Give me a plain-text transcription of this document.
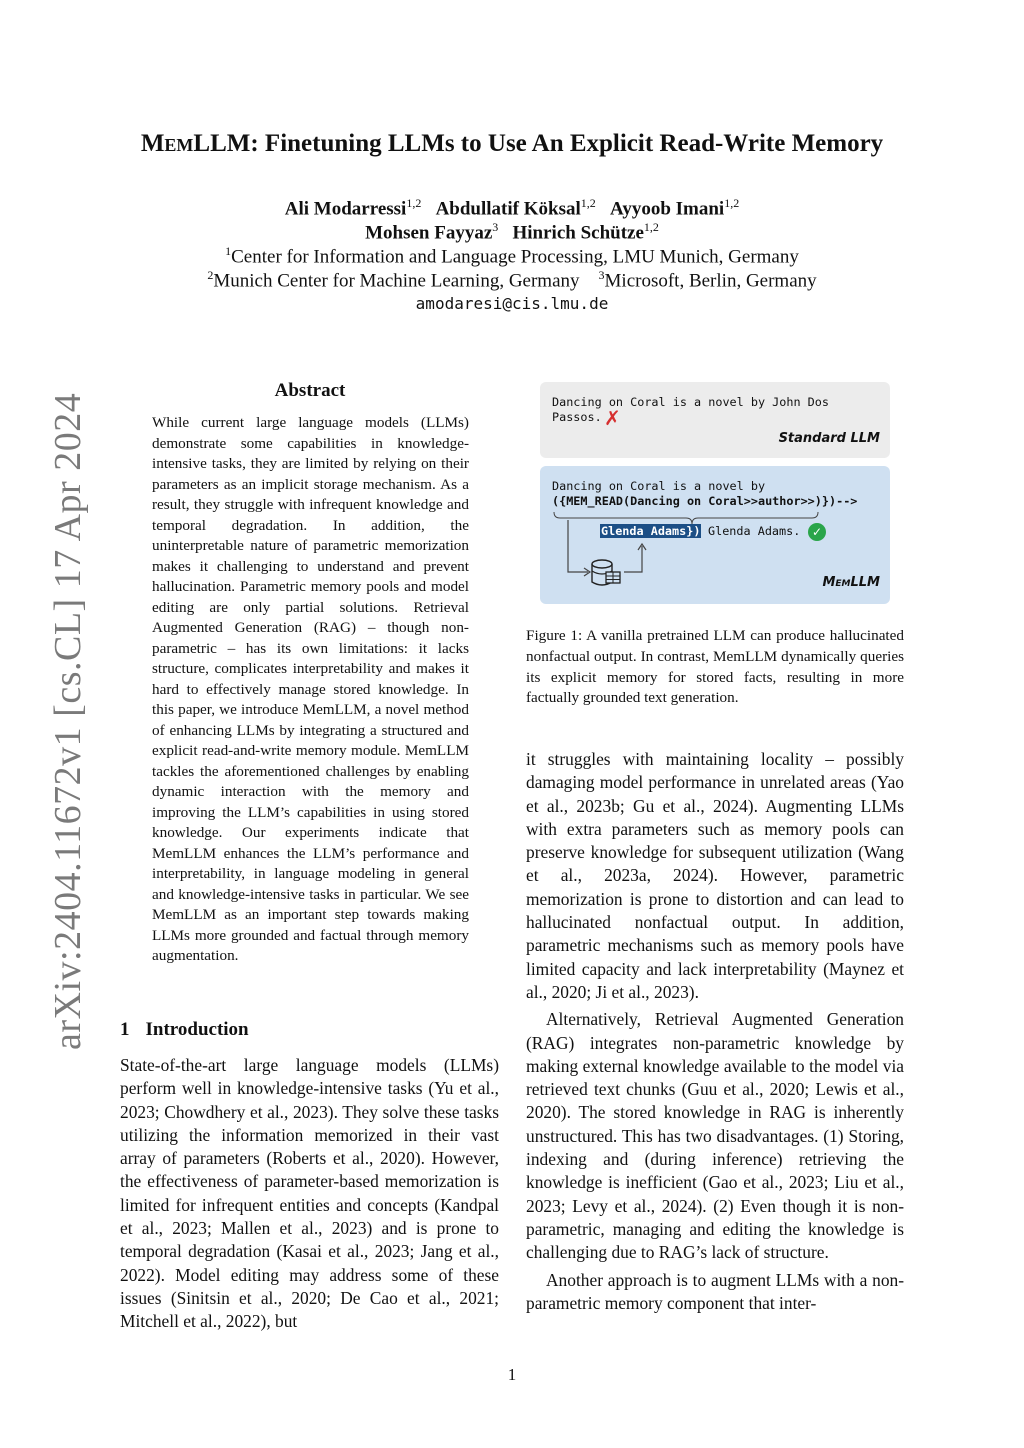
arXiv:2404.11672v1 [cs.CL] 17 Apr 2024
MemLLM: Finetuning LLMs to Use An Explicit Read-Write Memory
Ali Modarressi$^{1,2}$ Abdullatif Köksal$^{1,2}$ Ayyoob Imani$^{1,2}$
Mohsen Fayyaz$^3$ Hinrich Schütze$^{1,2}$
$^1$Center for Information and Language Processing, LMU Munich, Germany
$^2$Munich Center for Machine Learning, Germany $^3$Microsoft, Berlin, Germany
amodaresi@cis.lmu.de
Abstract
While current large language models (LLMs) demonstrate some capabilities in knowledge-intensive tasks, they are limited by relying on their parameters as an implicit storage mechanism. As a result, they struggle with infrequent knowledge and temporal degradation. In addition, the uninterpretable nature of parametric memorization makes it challenging to understand and prevent hallucination. Parametric memory pools and model editing are only partial solutions. Retrieval Augmented Generation (RAG) – though non-parametric – has its own limitations: it lacks structure, complicates interpretability and makes it hard to effectively manage stored knowledge. In this paper, we introduce MemLLM, a novel method of enhancing LLMs by integrating a structured and explicit read-and-write memory module. MemLLM tackles the aforementioned challenges by enabling dynamic interaction with the memory and improving the LLM’s capabilities in using stored knowledge. Our experiments indicate that MemLLM enhances the LLM’s performance and interpretability, in language modeling in general and knowledge-intensive tasks in particular. We see MemLLM as an important step towards making LLMs more grounded and factual through memory augmentation.
Dancing on Coral is a novel by John Dos
Passos. ✗
Standard LLM
Dancing on Coral is a novel by
({MEM_READ(Dancing on Coral>>author>>)})-->
Glenda Adams}) Glenda Adams. ✓
MemLLM
Figure 1: A vanilla pretrained LLM can produce hallucinated nonfactual output. In contrast, MemLLM dynamically queries its explicit memory for stored facts, resulting in more factually grounded text generation.
1 Introduction
State-of-the-art large language models (LLMs) perform well in knowledge-intensive tasks (Yu et al., 2023; Chowdhery et al., 2023). They solve these tasks utilizing the information memorized in their vast array of parameters (Roberts et al., 2020). However, the effectiveness of parameter-based memorization is limited for infrequent entities and concepts (Kandpal et al., 2023; Mallen et al., 2023) and is prone to temporal degradation (Kasai et al., 2023; Jang et al., 2022). Model editing may address some of these issues (Sinitsin et al., 2020; De Cao et al., 2021; Mitchell et al., 2022), but
it struggles with maintaining locality – possibly damaging model performance in unrelated areas (Yao et al., 2023b; Gu et al., 2024). Augmenting LLMs with extra parameters such as memory pools can preserve knowledge for subsequent utilization (Wang et al., 2023a, 2024). However, parametric memorization is prone to distortion and can lead to hallucinated nonfactual output. In addition, parametric mechanisms such as memory pools have limited capacity and lack interpretability (Maynez et al., 2020; Ji et al., 2023).
Alternatively, Retrieval Augmented Generation (RAG) integrates non-parametric knowledge by making external knowledge available to the model via retrieved text chunks (Guu et al., 2020; Lewis et al., 2020). The stored knowledge in RAG is inherently unstructured. This has two disadvantages. (1) Storing, indexing and (during inference) retrieving the knowledge is inefficient (Gao et al., 2023; Liu et al., 2023; Levy et al., 2024). (2) Even though it is non-parametric, managing and editing the knowledge is challenging due to RAG’s lack of structure.
Another approach is to augment LLMs with a non-parametric memory component that inter-
1
